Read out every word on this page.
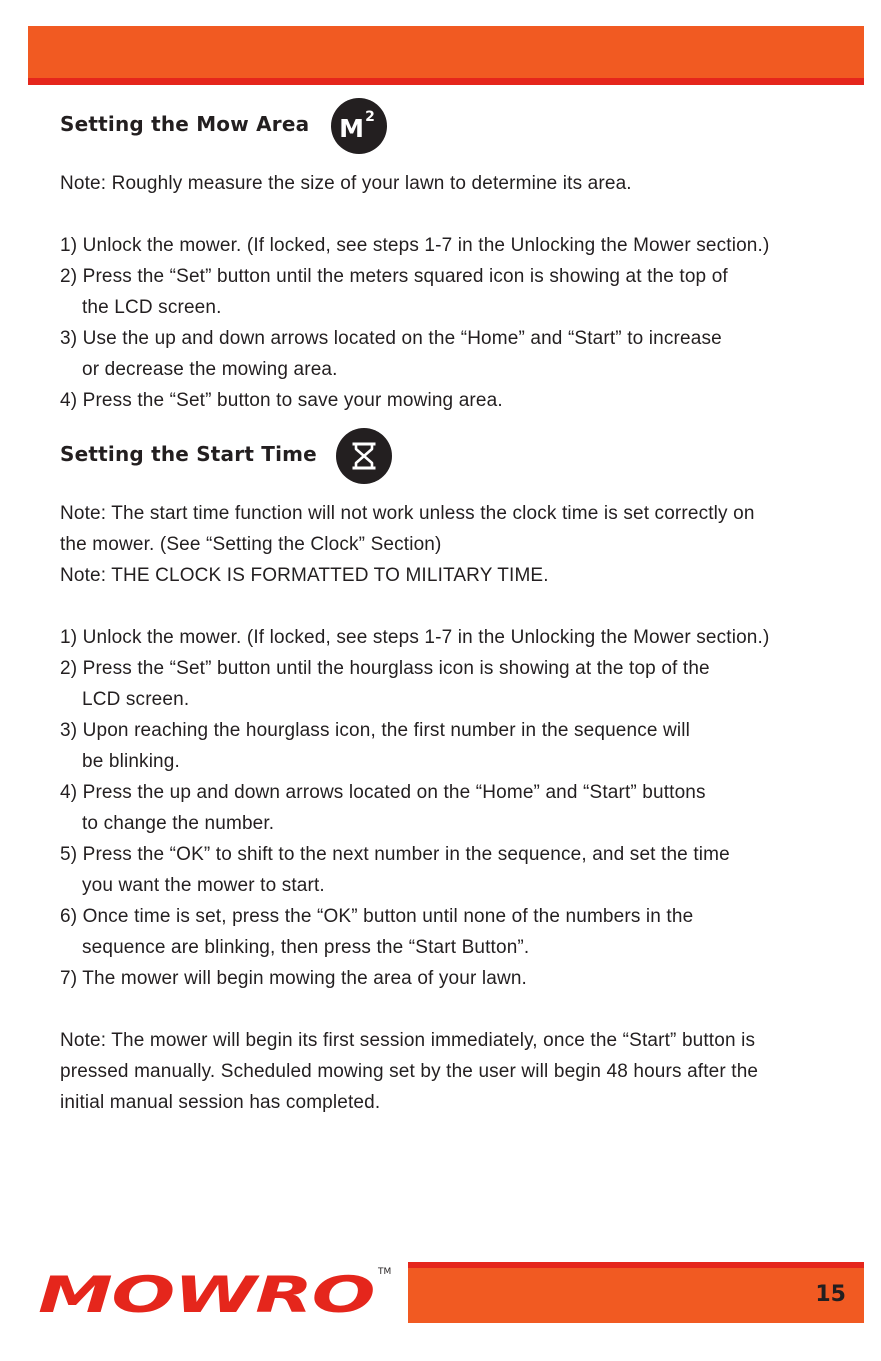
Setting the Mow Area $M^2$
Note: Roughly measure the size of your lawn to determine its area.
1) Unlock the mower. (If locked, see steps 1-7 in the Unlocking the Mower section.)
2) Press the “Set” button until the meters squared icon is showing at the top of
the LCD screen.
3) Use the up and down arrows located on the “Home” and “Start” to increase
or decrease the mowing area.
4) Press the “Set” button to save your mowing area.
Setting the Start Time
Note: The start time function will not work unless the clock time is set correctly on
the mower. (See “Setting the Clock” Section)
Note: THE CLOCK IS FORMATTED TO MILITARY TIME.
1) Unlock the mower. (If locked, see steps 1-7 in the Unlocking the Mower section.)
2) Press the “Set” button until the hourglass icon is showing at the top of the
LCD screen.
3) Upon reaching the hourglass icon, the first number in the sequence will
be blinking.
4) Press the up and down arrows located on the “Home” and “Start” buttons
to change the number.
5) Press the “OK” to shift to the next number in the sequence, and set the time
you want the mower to start.
6) Once time is set, press the “OK” button until none of the numbers in the
sequence are blinking, then press the “Start Button”.
7) The mower will begin mowing the area of your lawn.
Note: The mower will begin its first session immediately, once the “Start” button is
pressed manually. Scheduled mowing set by the user will begin 48 hours after the
initial manual session has completed.
MOWRO TM
15
